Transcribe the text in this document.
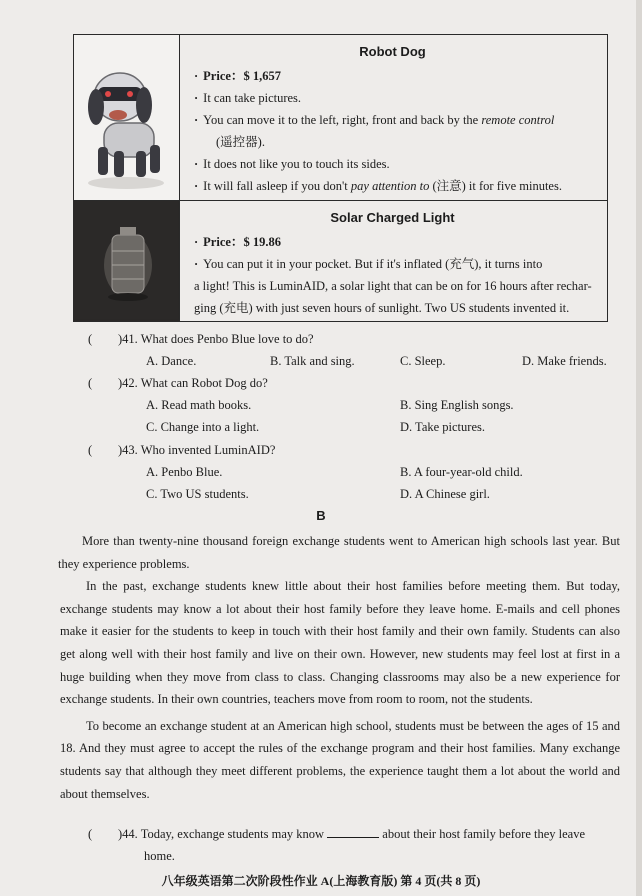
Robot Dog
· Price：$ 1,657
· It can take pictures.
· You can move it to the left, right, front and back by the remote control
(遥控器).
· It does not like you to touch its sides.
· It will fall asleep if you don't pay attention to (注意) it for five minutes.
Solar Charged Light
· Price：$ 19.86
· You can put it in your pocket. But if it's inflated (充气), it turns into
a light! This is LuminAID, a solar light that can be on for 16 hours after rechar-
ging (充电) with just seven hours of sunlight. Two US students invented it.
( )41. What does Penbo Blue love to do?
A. Dance.	B. Talk and sing.	C. Sleep.	D. Make friends.
( )42. What can Robot Dog do?
A. Read math books.	B. Sing English songs.
C. Change into a light.	D. Take pictures.
( )43. Who invented LuminAID?
A. Penbo Blue.	B. A four-year-old child.
C. Two US students.	D. A Chinese girl.
B

More than twenty-nine thousand foreign exchange students went to American high schools last year. But they experience problems.

In the past, exchange students knew little about their host families before meeting them. But today, exchange students may know a lot about their host family before they leave home. E-mails and cell phones make it easier for the students to keep in touch with their host family and their own family. Students can also get along well with their host family and live on their own. However, new students may feel lost at first in a huge building when they move from class to class. Changing classrooms may also be a new experience for exchange students. In their own countries, teachers move from room to room, not the students.

To become an exchange student at an American high school, students must be between the ages of 15 and 18. And they must agree to accept the rules of the exchange program and their host families. Many exchange students say that although they meet different problems, the experience taught them a lot about the world and about themselves.

( )44. Today, exchange students may know	about their host family before they leave
home.
八年级英语第二次阶段性作业 A(上海教育版) 第 4 页(共 8 页)
